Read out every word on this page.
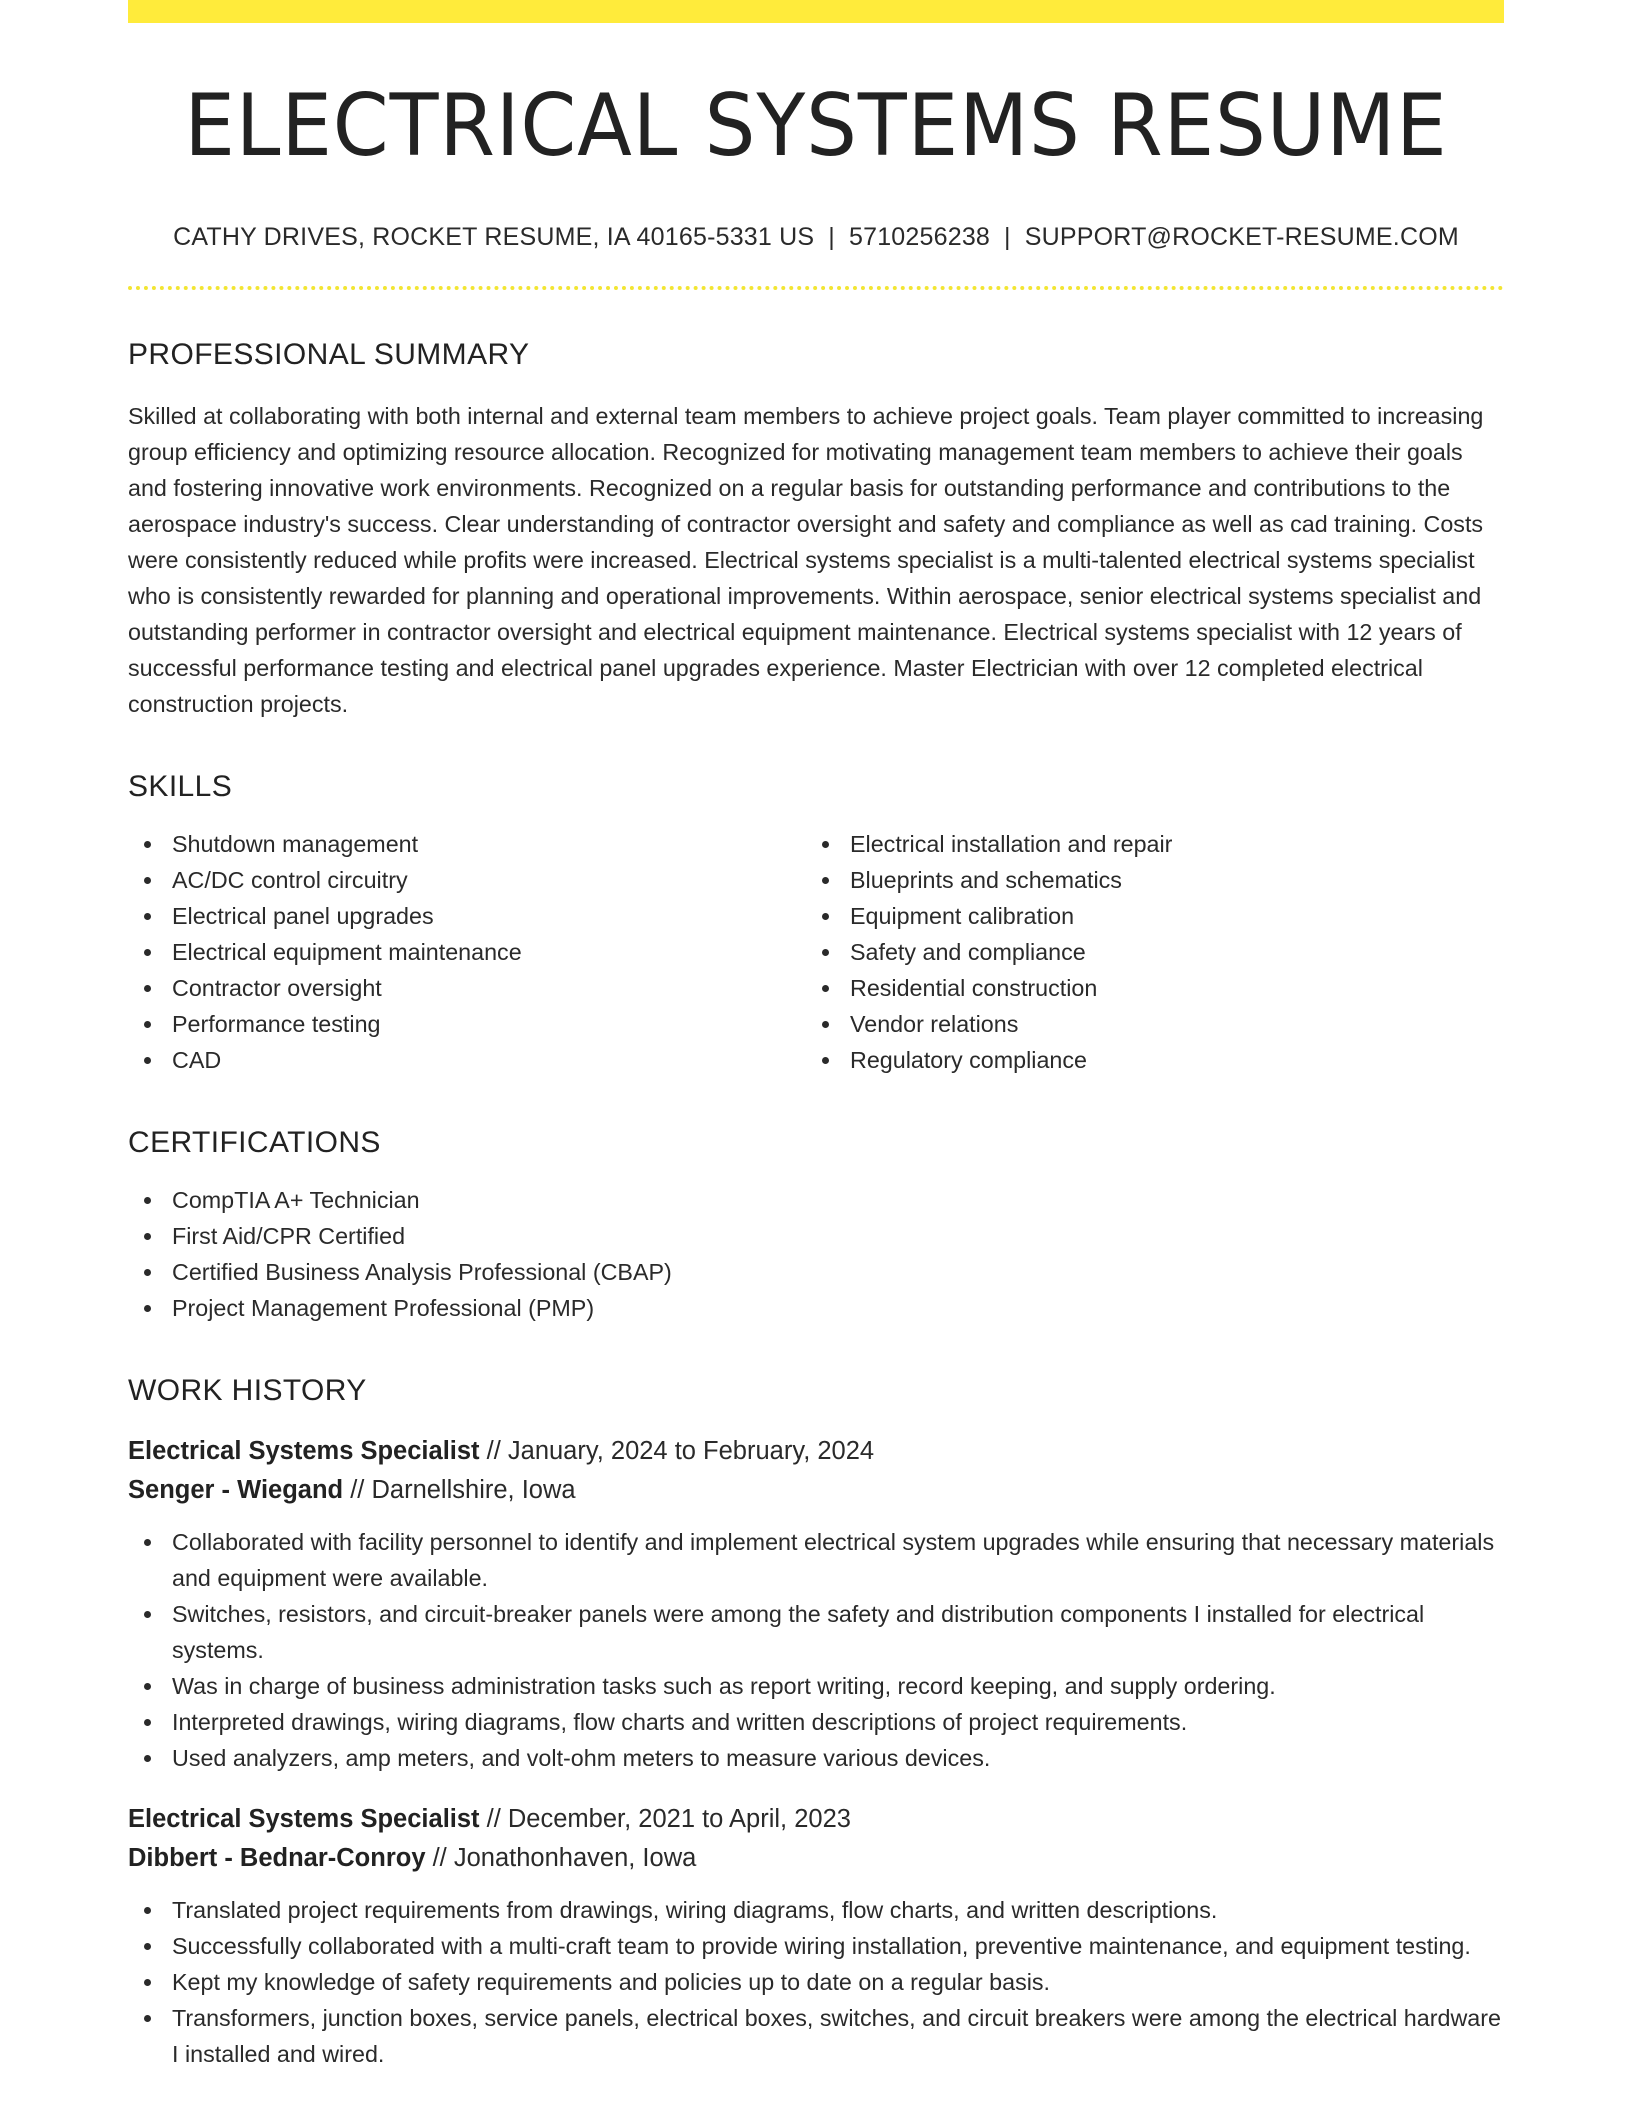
ELECTRICAL SYSTEMS RESUME
CATHY DRIVES, ROCKET RESUME, IA 40165-5331 US | 5710256238 | SUPPORT@ROCKET-RESUME.COM
PROFESSIONAL SUMMARY
Skilled at collaborating with both internal and external team members to achieve project goals. Team player committed to increasing group efficiency and optimizing resource allocation. Recognized for motivating management team members to achieve their goals and fostering innovative work environments. Recognized on a regular basis for outstanding performance and contributions to the aerospace industry's success. Clear understanding of contractor oversight and safety and compliance as well as cad training. Costs were consistently reduced while profits were increased. Electrical systems specialist is a multi-talented electrical systems specialist who is consistently rewarded for planning and operational improvements. Within aerospace, senior electrical systems specialist and outstanding performer in contractor oversight and electrical equipment maintenance. Electrical systems specialist with 12 years of successful performance testing and electrical panel upgrades experience. Master Electrician with over 12 completed electrical construction projects.
SKILLS
Shutdown management	Electrical installation and repair
AC/DC control circuitry	Blueprints and schematics
Electrical panel upgrades	Equipment calibration
Electrical equipment maintenance	Safety and compliance
Contractor oversight	Residential construction
Performance testing	Vendor relations
CAD	Regulatory compliance
CERTIFICATIONS
CompTIA A+ Technician
First Aid/CPR Certified
Certified Business Analysis Professional (CBAP)
Project Management Professional (PMP)
WORK HISTORY
Electrical Systems Specialist // January, 2024 to February, 2024
Senger - Wiegand // Darnellshire, Iowa
Collaborated with facility personnel to identify and implement electrical system upgrades while ensuring that necessary materials and equipment were available.
Switches, resistors, and circuit-breaker panels were among the safety and distribution components I installed for electrical systems.
Was in charge of business administration tasks such as report writing, record keeping, and supply ordering.
Interpreted drawings, wiring diagrams, flow charts and written descriptions of project requirements.
Used analyzers, amp meters, and volt-ohm meters to measure various devices.
Electrical Systems Specialist // December, 2021 to April, 2023
Dibbert - Bednar-Conroy // Jonathonhaven, Iowa
Translated project requirements from drawings, wiring diagrams, flow charts, and written descriptions.
Successfully collaborated with a multi-craft team to provide wiring installation, preventive maintenance, and equipment testing.
Kept my knowledge of safety requirements and policies up to date on a regular basis.
Transformers, junction boxes, service panels, electrical boxes, switches, and circuit breakers were among the electrical hardware I installed and wired.
